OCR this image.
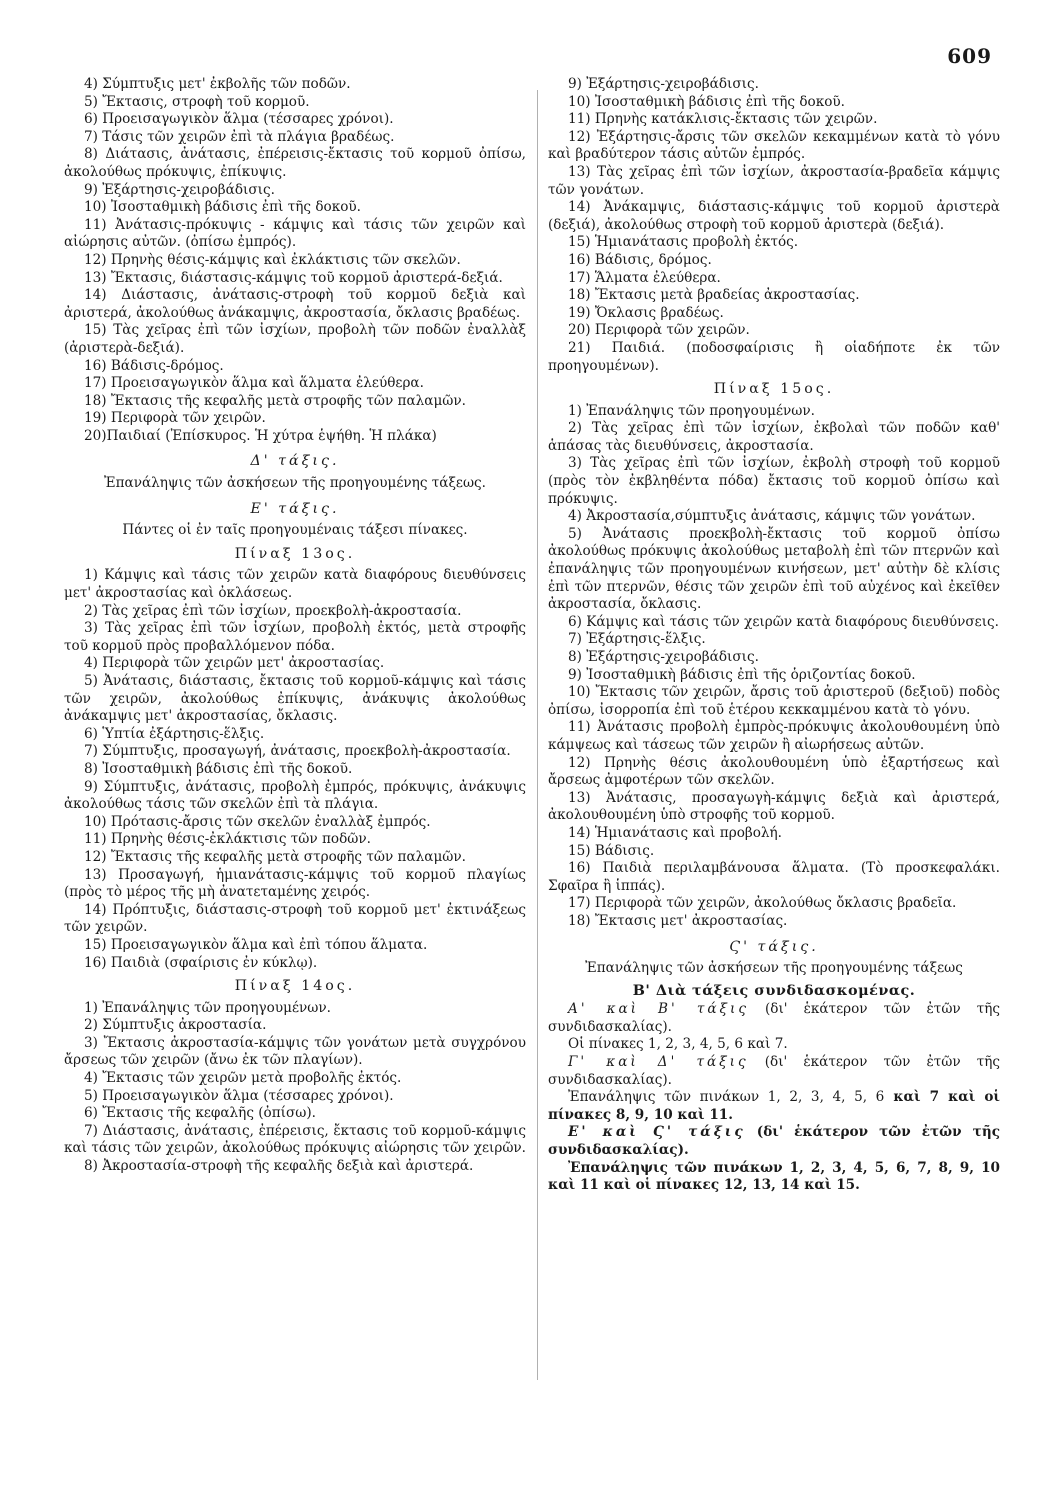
609

4) Σύμπτυξις μετ' ἐκβολῆς τῶν ποδῶν.

5) Ἔκτασις, στροφὴ τοῦ κορμοῦ.

6) Προεισαγωγικὸν ἅλμα (τέσσαρες χρόνοι).

7) Τάσις τῶν χειρῶν ἐπὶ τὰ πλάγια βραδέως.

8) Διάτασις, ἀνάτασις, ἐπέρεισις-ἔκτασις τοῦ κορμοῦ ὀπίσω, ἀκολούθως πρόκυψις, ἐπίκυψις.

9) Ἐξάρτησις-χειροβάδισις.

10) Ἰσοσταθμικὴ βάδισις ἐπὶ τῆς δοκοῦ.

11) Ἀνάτασις-πρόκυψις - κάμψις καὶ τάσις τῶν χειρῶν καὶ αἰώρησις αὐτῶν. (ὀπίσω ἐμπρός).

12) Πρηνὴς θέσις-κάμψις καὶ ἐκλάκτισις τῶν σκελῶν.

13) Ἔκτασις, διάστασις-κάμψις τοῦ κορμοῦ ἀριστερά-δεξιά.

14) Διάστασις, ἀνάτασις-στροφὴ τοῦ κορμοῦ δεξιὰ καὶ ἀριστερά, ἀκολούθως ἀνάκαμψις, ἀκροστασία, ὄκλασις βραδέως.

15) Τὰς χεῖρας ἐπὶ τῶν ἰσχίων, προβολὴ τῶν ποδῶν ἐναλλὰξ (ἀριστερὰ-δεξιά).

16) Βάδισις-δρόμος.

17) Προεισαγωγικὸν ἅλμα καὶ ἅλματα ἐλεύθερα.

18) Ἔκτασις τῆς κεφαλῆς μετὰ στροφῆς τῶν παλαμῶν.

19) Περιφορὰ τῶν χειρῶν.

20)Παιδιαί (Ἐπίσκυρος. Ἡ χύτρα ἑψήθη. Ἡ πλάκα)

Δ' τάξις.

Ἐπανάληψις τῶν ἀσκήσεων τῆς προηγουμένης τάξεως.

Ε' τάξις.

Πάντες οἱ ἐν ταῖς προηγουμέναις τάξεσι πίνακες.

Πίναξ 13ος.

1) Κάμψις καὶ τάσις τῶν χειρῶν κατὰ διαφόρους διευθύνσεις μετ' ἀκροστασίας καὶ ὀκλάσεως.

2) Τὰς χεῖρας ἐπὶ τῶν ἰσχίων, προεκβολὴ-ἀκροστασία.

3) Τὰς χεῖρας ἐπὶ τῶν ἰσχίων, προβολὴ ἐκτός, μετὰ στροφῆς τοῦ κορμοῦ πρὸς προβαλλόμενον πόδα.

4) Περιφορὰ τῶν χειρῶν μετ' ἀκροστασίας.

5) Ἀνάτασις, διάστασις, ἔκτασις τοῦ κορμοῦ-κάμψις καὶ τάσις τῶν χειρῶν, ἀκολούθως ἐπίκυψις, ἀνάκυψις ἀκολούθως ἀνάκαμψις μετ' ἀκροστασίας, ὄκλασις.

6) Ὑπτία ἐξάρτησις-ἕλξις.

7) Σύμπτυξις, προσαγωγή, ἀνάτασις, προεκβολὴ-ἀκροστασία.

8) Ἰσοσταθμικὴ βάδισις ἐπὶ τῆς δοκοῦ.

9) Σύμπτυξις, ἀνάτασις, προβολὴ ἐμπρός, πρόκυψις, ἀνάκυψις ἀκολούθως τάσις τῶν σκελῶν ἐπὶ τὰ πλάγια.

10) Πρότασις-ἄρσις τῶν σκελῶν ἐναλλὰξ ἐμπρός.

11) Πρηνὴς θέσις-ἐκλάκτισις τῶν ποδῶν.

12) Ἔκτασις τῆς κεφαλῆς μετὰ στροφῆς τῶν παλαμῶν.

13) Προσαγωγή, ἡμιανάτασις-κάμψις τοῦ κορμοῦ πλαγίως (πρὸς τὸ μέρος τῆς μὴ ἀνατεταμένης χειρός.

14) Πρόπτυξις, διάστασις-στροφὴ τοῦ κορμοῦ μετ' ἐκτινάξεως τῶν χειρῶν.

15) Προεισαγωγικὸν ἅλμα καὶ ἐπὶ τόπου ἅλματα.

16) Παιδιὰ (σφαίρισις ἐν κύκλῳ).

Πίναξ 14ος.

1) Ἐπανάληψις τῶν προηγουμένων.

2) Σύμπτυξις ἀκροστασία.

3) Ἔκτασις ἀκροστασία-κάμψις τῶν γονάτων μετὰ συγχρόνου ἄρσεως τῶν χειρῶν (ἄνω ἐκ τῶν πλαγίων).

4) Ἔκτασις τῶν χειρῶν μετὰ προβολῆς ἐκτός.

5) Προεισαγωγικὸν ἅλμα (τέσσαρες χρόνοι).

6) Ἔκτασις τῆς κεφαλῆς (ὀπίσω).

7) Διάστασις, ἀνάτασις, ἐπέρεισις, ἔκτασις τοῦ κορμοῦ-κάμψις καὶ τάσις τῶν χειρῶν, ἀκολούθως πρόκυψις αἰώρησις τῶν χειρῶν.

8) Ἀκροστασία-στροφὴ τῆς κεφαλῆς δεξιὰ καὶ ἀριστερά.

9) Ἐξάρτησις-χειροβάδισις.

10) Ἰσοσταθμικὴ βάδισις ἐπὶ τῆς δοκοῦ.

11) Πρηνὴς κατάκλισις-ἔκτασις τῶν χειρῶν.

12) Ἐξάρτησις-ἄρσις τῶν σκελῶν κεκαμμένων κατὰ τὸ γόνυ καὶ βραδύτερον τάσις αὐτῶν ἐμπρός.

13) Τὰς χεῖρας ἐπὶ τῶν ἰσχίων, ἀκροστασία-βραδεῖα κάμψις τῶν γονάτων.

14) Ἀνάκαμψις, διάστασις-κάμψις τοῦ κορμοῦ ἀριστερὰ (δεξιά), ἀκολούθως στροφὴ τοῦ κορμοῦ ἀριστερὰ (δεξιά).

15) Ἡμιανάτασις προβολὴ ἐκτός.

16) Βάδισις, δρόμος.

17) Ἅλματα ἐλεύθερα.

18) Ἔκτασις μετὰ βραδείας ἀκροστασίας.

19) Ὄκλασις βραδέως.

20) Περιφορὰ τῶν χειρῶν.

21) Παιδιά. (ποδοσφαίρισις ἢ οἱαδήποτε ἐκ τῶν προηγουμένων).

Πίναξ 15ος.

1) Ἐπανάληψις τῶν προηγουμένων.

2) Τὰς χεῖρας ἐπὶ τῶν ἰσχίων, ἐκβολαὶ τῶν ποδῶν καθ' ἁπάσας τὰς διευθύνσεις, ἀκροστασία.

3) Τὰς χεῖρας ἐπὶ τῶν ἰσχίων, ἐκβολὴ στροφὴ τοῦ κορμοῦ (πρὸς τὸν ἐκβληθέντα πόδα) ἔκτασις τοῦ κορμοῦ ὀπίσω καὶ πρόκυψις.

4) Ἀκροστασία,σύμπτυξις ἀνάτασις, κάμψις τῶν γονάτων.

5) Ἀνάτασις προεκβολὴ-ἔκτασις τοῦ κορμοῦ ὀπίσω ἀκολούθως πρόκυψις ἀκολούθως μεταβολὴ ἐπὶ τῶν πτερνῶν καὶ ἐπανάληψις τῶν προηγουμένων κινήσεων, μετ' αὐτὴν δὲ κλίσις ἐπὶ τῶν πτερνῶν, θέσις τῶν χειρῶν ἐπὶ τοῦ αὐχένος καὶ ἐκεῖθεν ἀκροστασία, ὄκλασις.

6) Κάμψις καὶ τάσις τῶν χειρῶν κατὰ διαφόρους διευθύνσεις.

7) Ἐξάρτησις-ἕλξις.

8) Ἐξάρτησις-χειροβάδισις.

9) Ἰσοσταθμικὴ βάδισις ἐπὶ τῆς ὁριζοντίας δοκοῦ.

10) Ἔκτασις τῶν χειρῶν, ἄρσις τοῦ ἀριστεροῦ (δεξιοῦ) ποδὸς ὀπίσω, ἰσορροπία ἐπὶ τοῦ ἑτέρου κεκκαμμένου κατὰ τὸ γόνυ.

11) Ἀνάτασις προβολὴ ἐμπρὸς-πρόκυψις ἀκολουθουμένη ὑπὸ κάμψεως καὶ τάσεως τῶν χειρῶν ἢ αἰωρήσεως αὐτῶν.

12) Πρηνὴς θέσις ἀκολουθουμένη ὑπὸ ἐξαρτήσεως καὶ ἄρσεως ἀμφοτέρων τῶν σκελῶν.

13) Ἀνάτασις, προσαγωγὴ-κάμψις δεξιὰ καὶ ἀριστερά, ἀκολουθουμένη ὑπὸ στροφῆς τοῦ κορμοῦ.

14) Ἡμιανάτασις καὶ προβολή.

15) Βάδισις.

16) Παιδιὰ περιλαμβάνουσα ἅλματα. (Τὸ προσκεφαλάκι. Σφαῖρα ἢ ἱππάς).

17) Περιφορὰ τῶν χειρῶν, ἀκολούθως ὄκλασις βραδεῖα.

18) Ἔκτασις μετ' ἀκροστασίας.

Ϛ' τάξις.

Ἐπανάληψις τῶν ἀσκήσεων τῆς προηγουμένης τάξεως

Β' Διὰ τάξεις συνδιδασκομένας.

Α' καὶ Β' τάξις (δι' ἑκάτερον τῶν ἐτῶν τῆς συνδιδασκαλίας).

Οἱ πίνακες 1, 2, 3, 4, 5, 6 καὶ 7.

Γ' καὶ Δ' τάξις (δι' ἑκάτερον τῶν ἐτῶν τῆς συνδιδασκαλίας).

Ἐπανάληψις τῶν πινάκων 1, 2, 3, 4, 5, 6 καὶ 7 καὶ οἱ πίνακες 8, 9, 10 καὶ 11.

Ε' καὶ Ϛ' τάξις (δι' ἑκάτερον τῶν ἐτῶν τῆς συνδιδασκαλίας).

Ἐπανάληψις τῶν πινάκων 1, 2, 3, 4, 5, 6, 7, 8, 9, 10 καὶ 11 καὶ οἱ πίνακες 12, 13, 14 καὶ 15.
